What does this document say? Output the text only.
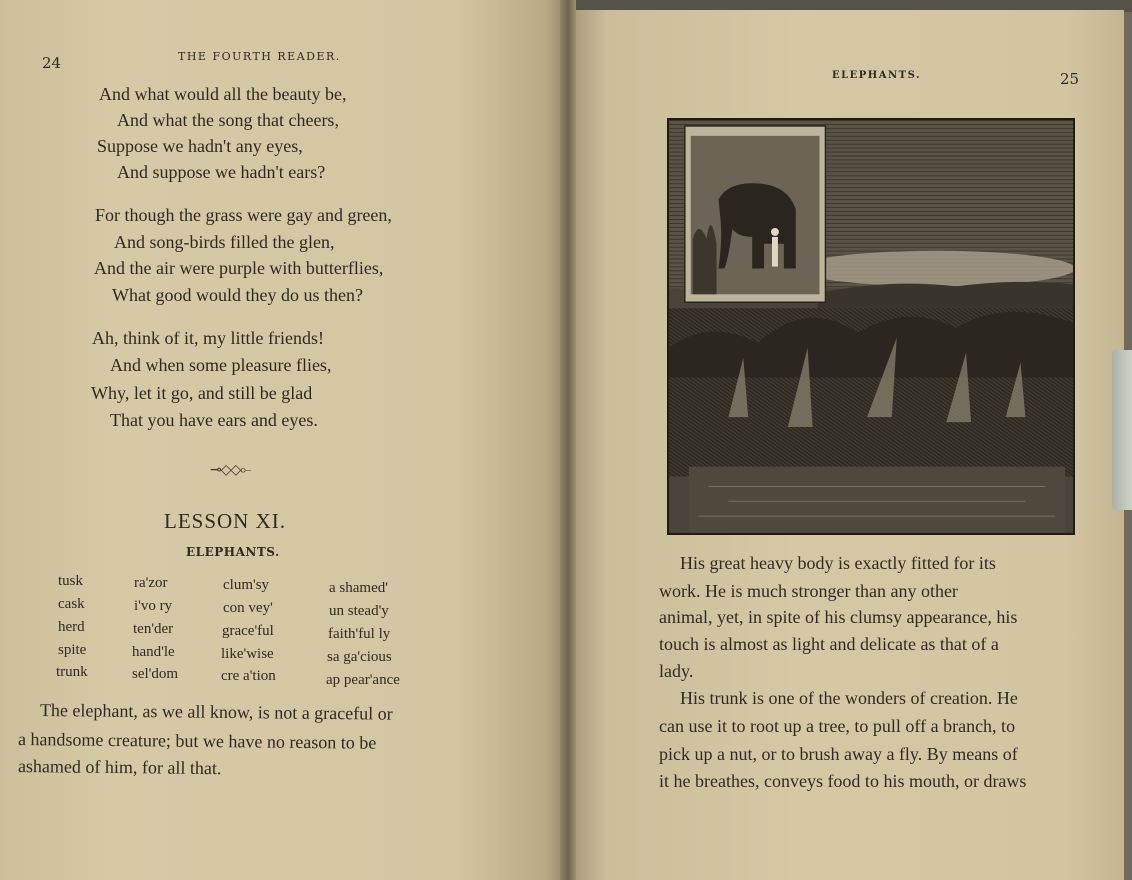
24	THE FOURTH READER.
And what would all the beauty be,
And what the song that cheers,
Suppose we hadn't any eyes,
And suppose we hadn't ears?
For though the grass were gay and green,
And song-birds filled the glen,
And the air were purple with butterflies,
What good would they do us then?
Ah, think of it, my little friends!
And when some pleasure flies,
Why, let it go, and still be glad
That you have ears and eyes.
⊸◇◇⟜
LESSON XI.
ELEPHANTS.
tusk
cask
herd
spite
trunk
ra'zor
i'vo ry
ten'der
hand'le
sel'dom
clum'sy
con vey'
grace'ful
like'wise
cre a'tion
a shamed'
un stead'y
faith'ful ly
sa ga'cious
ap pear'ance
The elephant, as we all know, is not a graceful or
a handsome creature; but we have no reason to be
ashamed of him, for all that.
ELEPHANTS.	25
His great heavy body is exactly fitted for its
work. He is much stronger than any other
animal, yet, in spite of his clumsy appearance, his
touch is almost as light and delicate as that of a
lady.
His trunk is one of the wonders of creation. He
can use it to root up a tree, to pull off a branch, to
pick up a nut, or to brush away a fly. By means of
it he breathes, conveys food to his mouth, or draws
